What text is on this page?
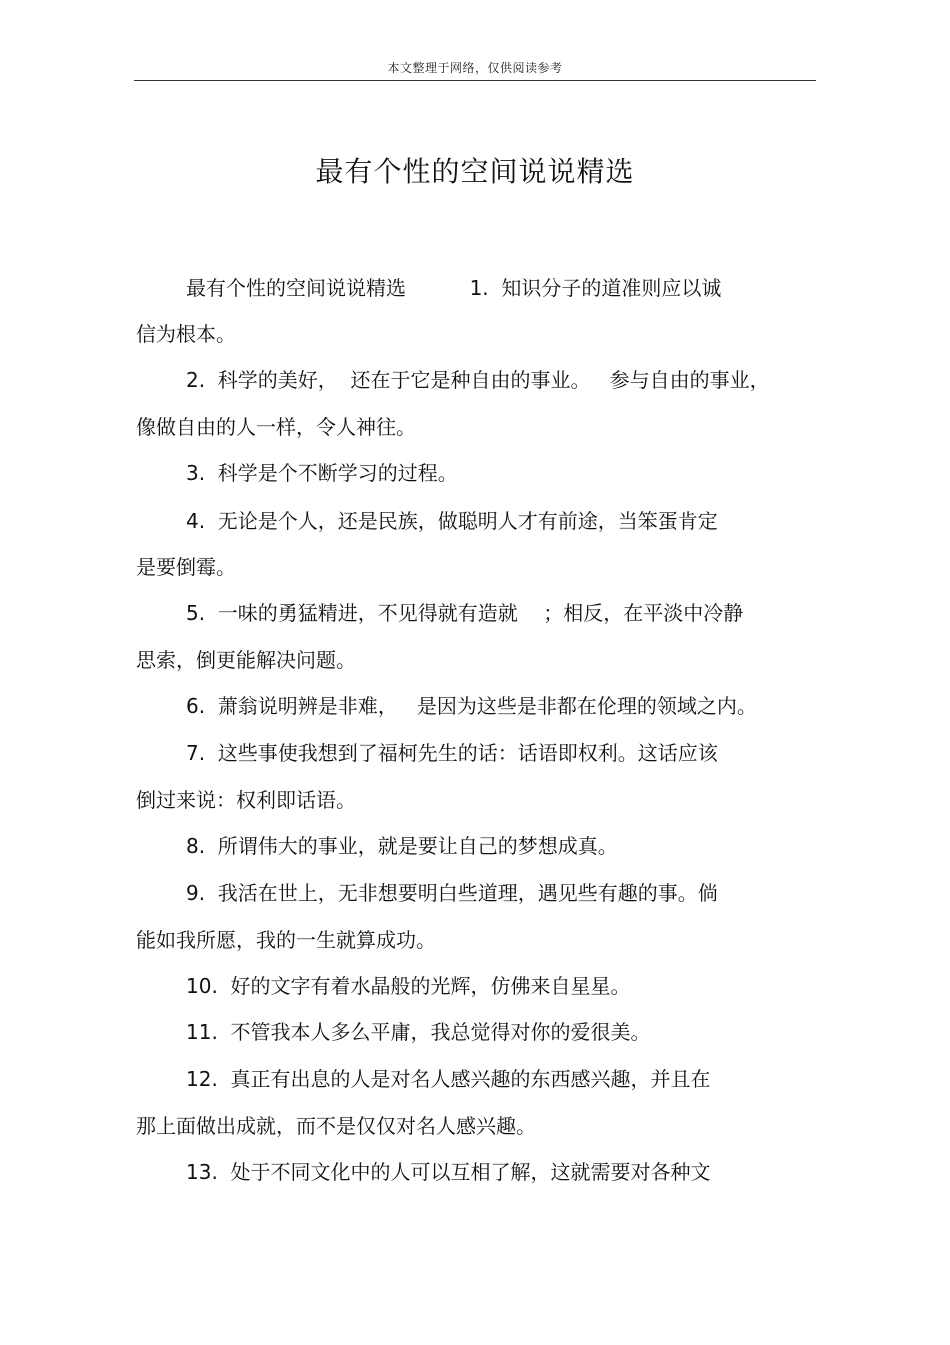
本文整理于网络，仅供阅读参考
最有个性的空间说说精选
最有个性的空间说说精选          1.  知识分子的道准则应以诚
信为根本。
2.  科学的美好，  还在于它是种自由的事业。   参与自由的事业，
像做自由的人一样，令人神往。
3.  科学是个不断学习的过程。
4.  无论是个人，还是民族，做聪明人才有前途，当笨蛋肯定
是要倒霉。
5.  一味的勇猛精进，不见得就有造就    ；相反，在平淡中冷静
思索，倒更能解决问题。
6.  萧翁说明辨是非难，   是因为这些是非都在伦理的领域之内。
7.  这些事使我想到了福柯先生的话：话语即权利。这话应该
倒过来说：权利即话语。
8.  所谓伟大的事业，就是要让自己的梦想成真。
9.  我活在世上，无非想要明白些道理，遇见些有趣的事。倘
能如我所愿，我的一生就算成功。
10.  好的文字有着水晶般的光辉，仿佛来自星星。
11.  不管我本人多么平庸，我总觉得对你的爱很美。
12.  真正有出息的人是对名人感兴趣的东西感兴趣，并且在
那上面做出成就，而不是仅仅对名人感兴趣。
13.  处于不同文化中的人可以互相了解，这就需要对各种文
